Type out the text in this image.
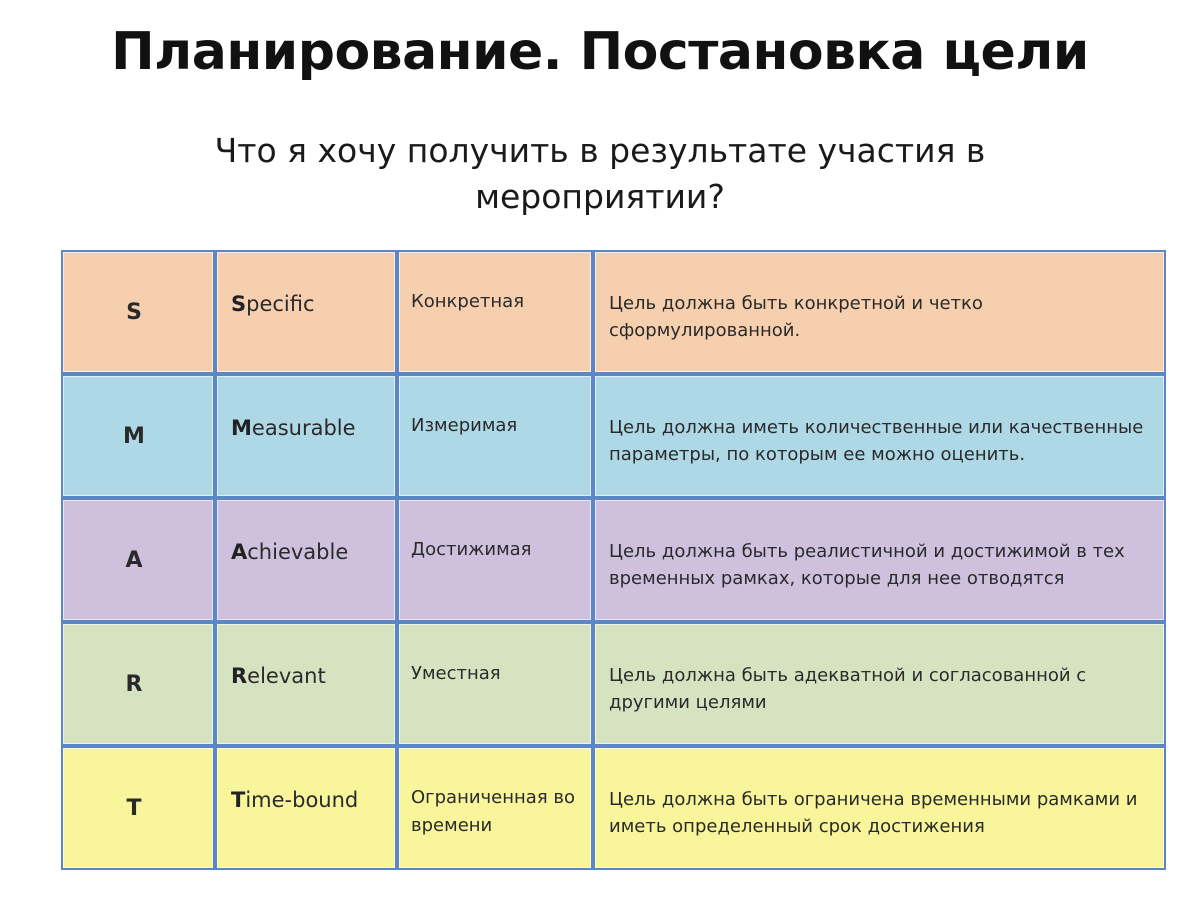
Планирование. Постановка цели

Что я хочу получить в результате участия в мероприятии?

S	Specific	Конкретная	Цель должна быть конкретной и четко сформулированной.
M	Measurable	Измеримая	Цель должна иметь количественные или качественные параметры, по которым ее можно оценить.
A	Achievable	Достижимая	Цель должна быть реалистичной и достижимой в тех временных рамках, которые для нее отводятся
R	Relevant	Уместная	Цель должна быть адекватной и согласованной с другими целями
T	Time-bound	Ограниченная во времени	Цель должна быть ограничена временными рамками и иметь определенный срок достижения
